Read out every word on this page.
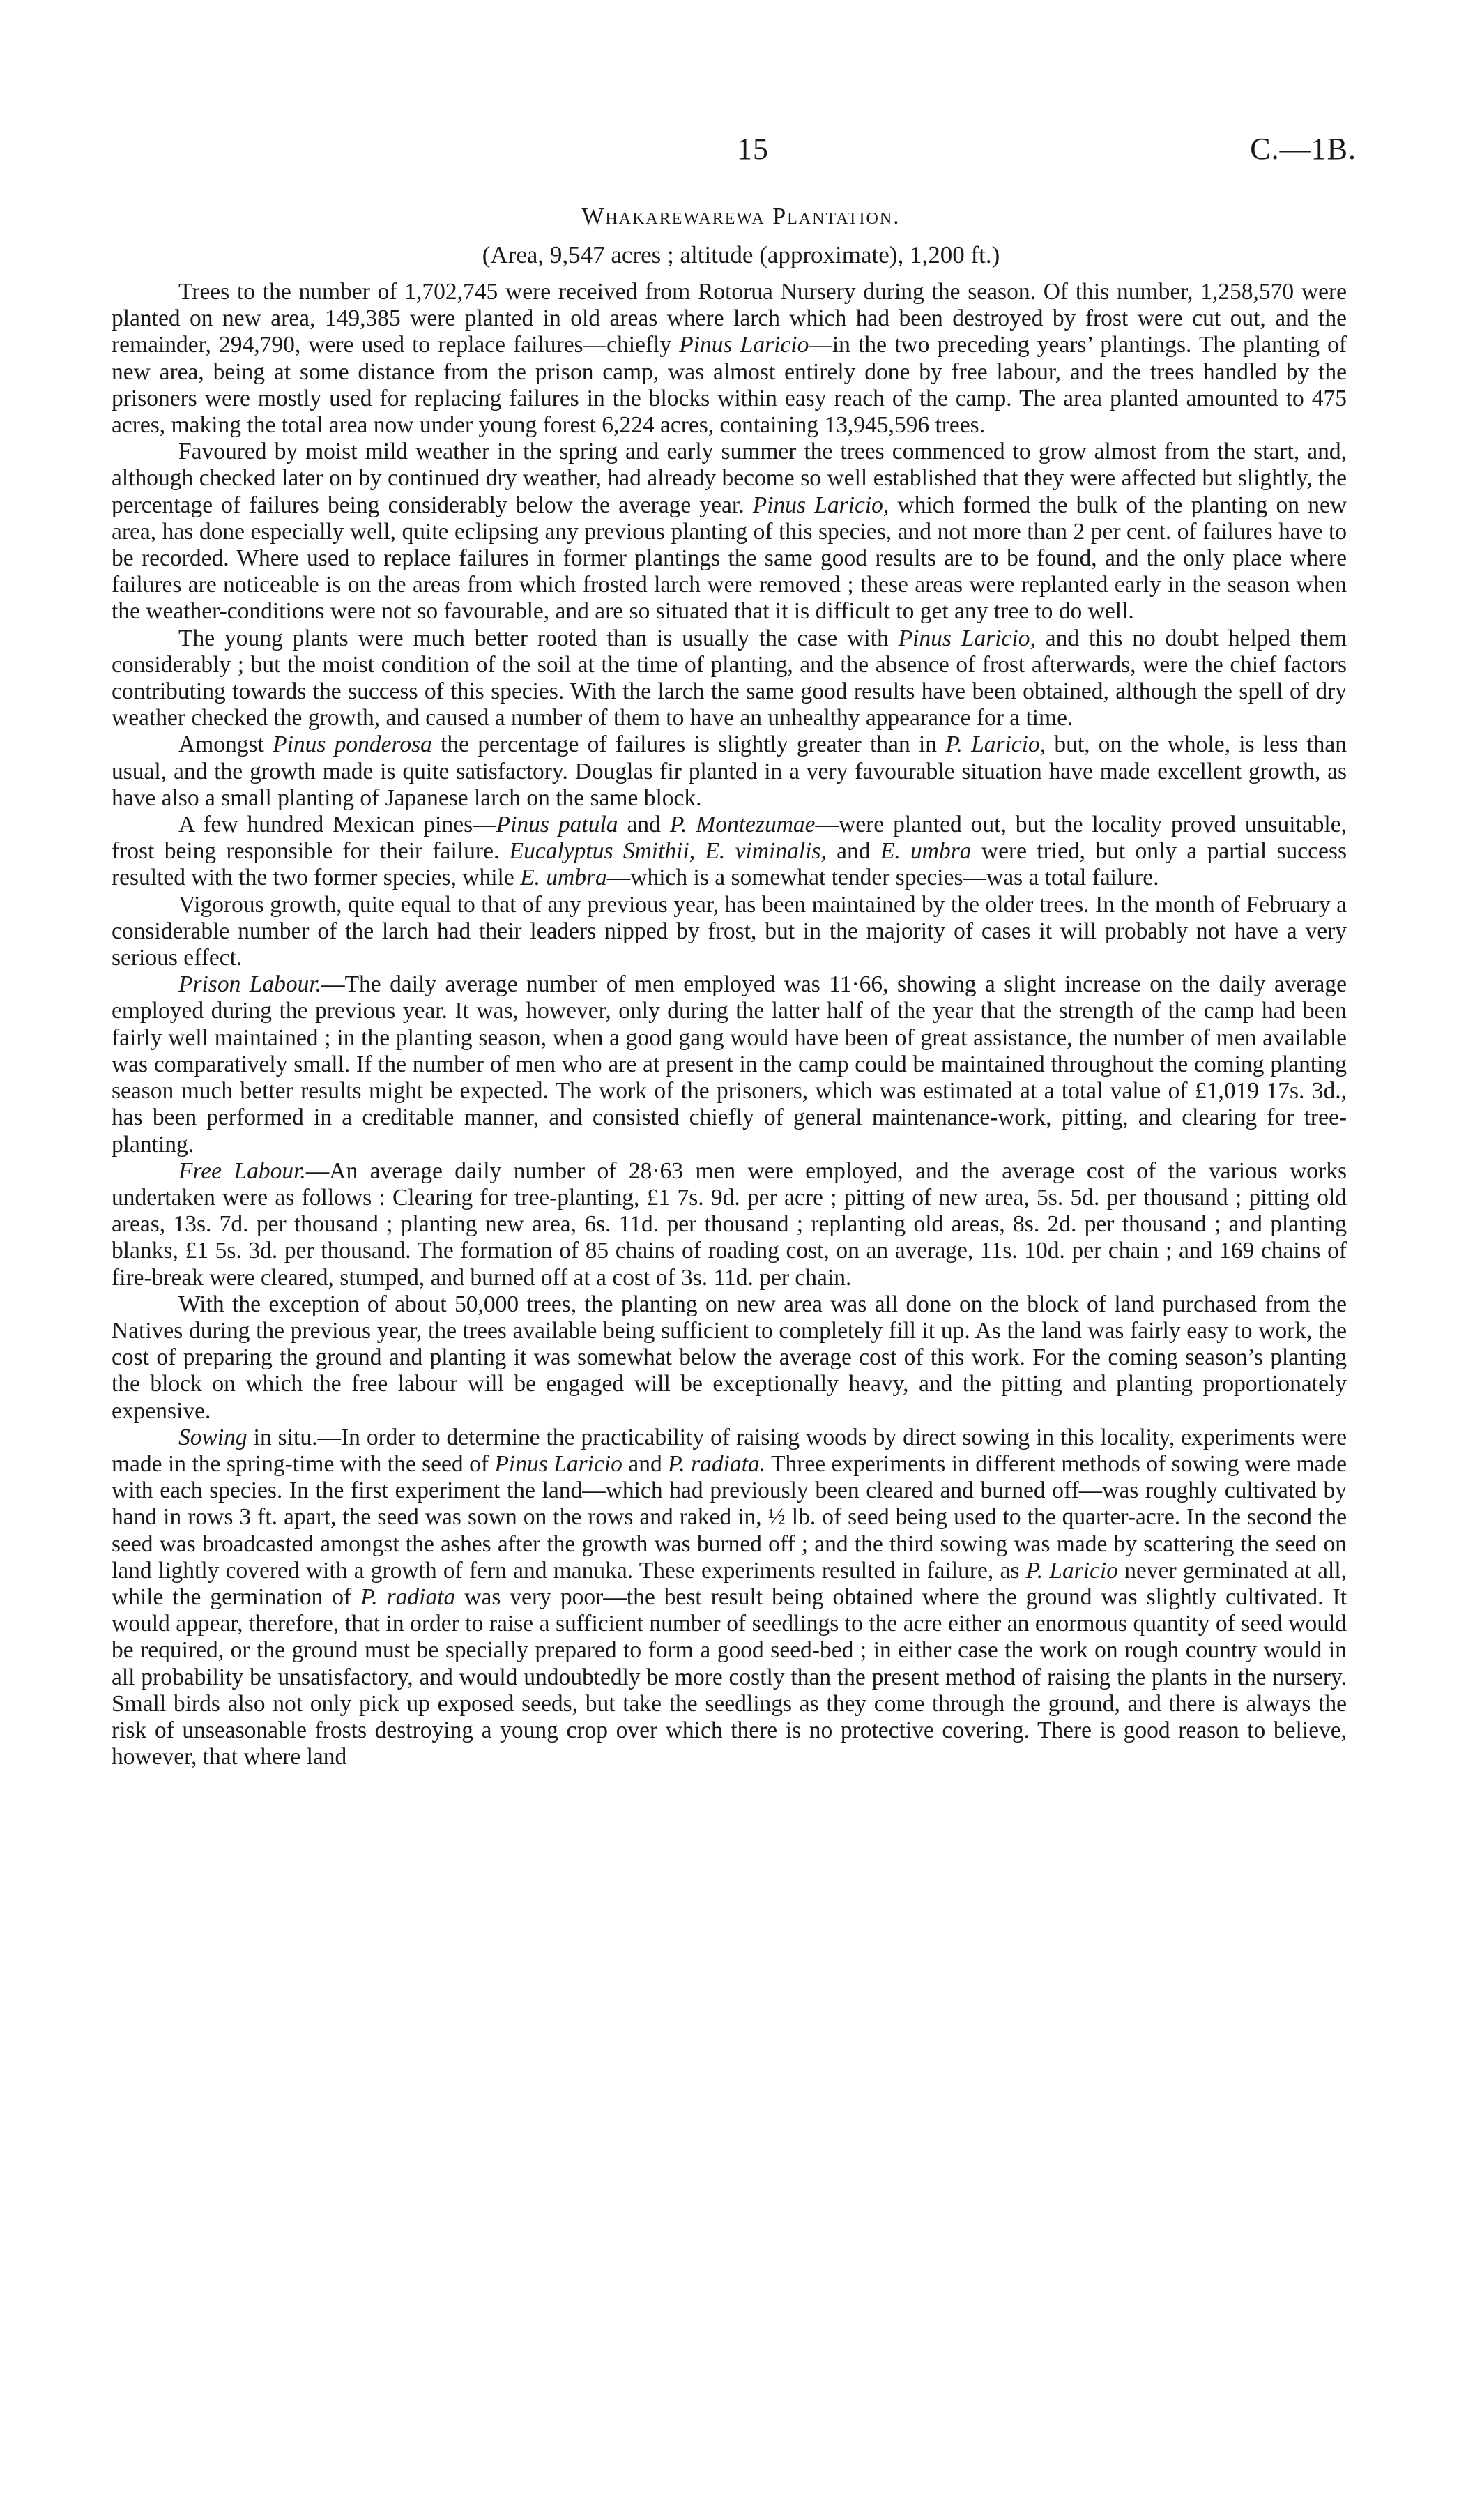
15	C.—1B.
Whakarewarewa Plantation.
(Area, 9,547 acres ; altitude (approximate), 1,200 ft.)

Trees to the number of 1,702,745 were received from Rotorua Nursery during the season. Of this number, 1,258,570 were planted on new area, 149,385 were planted in old areas where larch which had been destroyed by frost were cut out, and the remainder, 294,790, were used to replace failures—chiefly Pinus Laricio—in the two preceding years’ plantings. The planting of new area, being at some distance from the prison camp, was almost entirely done by free labour, and the trees handled by the prisoners were mostly used for replacing failures in the blocks within easy reach of the camp. The area planted amounted to 475 acres, making the total area now under young forest 6,224 acres, containing 13,945,596 trees.

Favoured by moist mild weather in the spring and early summer the trees commenced to grow almost from the start, and, although checked later on by continued dry weather, had already become so well established that they were affected but slightly, the percentage of failures being considerably below the average year. Pinus Laricio, which formed the bulk of the planting on new area, has done especially well, quite eclipsing any previous planting of this species, and not more than 2 per cent. of failures have to be recorded. Where used to replace failures in former plantings the same good results are to be found, and the only place where failures are noticeable is on the areas from which frosted larch were removed ; these areas were replanted early in the season when the weather-conditions were not so favourable, and are so situated that it is difficult to get any tree to do well.

The young plants were much better rooted than is usually the case with Pinus Laricio, and this no doubt helped them considerably ; but the moist condition of the soil at the time of planting, and the absence of frost afterwards, were the chief factors contributing towards the success of this species. With the larch the same good results have been obtained, although the spell of dry weather checked the growth, and caused a number of them to have an unhealthy appearance for a time.

Amongst Pinus ponderosa the percentage of failures is slightly greater than in P. Laricio, but, on the whole, is less than usual, and the growth made is quite satisfactory. Douglas fir planted in a very favourable situation have made excellent growth, as have also a small planting of Japanese larch on the same block.

A few hundred Mexican pines—Pinus patula and P. Montezumae—were planted out, but the locality proved unsuitable, frost being responsible for their failure. Eucalyptus Smithii, E. viminalis, and E. umbra were tried, but only a partial success resulted with the two former species, while E. umbra—which is a somewhat tender species—was a total failure.

Vigorous growth, quite equal to that of any previous year, has been maintained by the older trees. In the month of February a considerable number of the larch had their leaders nipped by frost, but in the majority of cases it will probably not have a very serious effect.

Prison Labour.—The daily average number of men employed was 11·66, showing a slight increase on the daily average employed during the previous year. It was, however, only during the latter half of the year that the strength of the camp had been fairly well maintained ; in the planting season, when a good gang would have been of great assistance, the number of men available was comparatively small. If the number of men who are at present in the camp could be maintained throughout the coming planting season much better results might be expected. The work of the prisoners, which was estimated at a total value of £1,019 17s. 3d., has been performed in a creditable manner, and consisted chiefly of general maintenance-work, pitting, and clearing for tree-planting.

Free Labour.—An average daily number of 28·63 men were employed, and the average cost of the various works undertaken were as follows : Clearing for tree-planting, £1 7s. 9d. per acre ; pitting of new area, 5s. 5d. per thousand ; pitting old areas, 13s. 7d. per thousand ; planting new area, 6s. 11d. per thousand ; replanting old areas, 8s. 2d. per thousand ; and planting blanks, £1 5s. 3d. per thousand. The formation of 85 chains of roading cost, on an average, 11s. 10d. per chain ; and 169 chains of fire-break were cleared, stumped, and burned off at a cost of 3s. 11d. per chain.

With the exception of about 50,000 trees, the planting on new area was all done on the block of land purchased from the Natives during the previous year, the trees available being sufficient to completely fill it up. As the land was fairly easy to work, the cost of preparing the ground and planting it was somewhat below the average cost of this work. For the coming season’s planting the block on which the free labour will be engaged will be exceptionally heavy, and the pitting and planting proportionately expensive.

Sowing in situ.—In order to determine the practicability of raising woods by direct sowing in this locality, experiments were made in the spring-time with the seed of Pinus Laricio and P. radiata. Three experiments in different methods of sowing were made with each species. In the first experiment the land—which had previously been cleared and burned off—was roughly cultivated by hand in rows 3 ft. apart, the seed was sown on the rows and raked in, ½ lb. of seed being used to the quarter-acre. In the second the seed was broadcasted amongst the ashes after the growth was burned off ; and the third sowing was made by scattering the seed on land lightly covered with a growth of fern and manuka. These experiments resulted in failure, as P. Laricio never germinated at all, while the germination of P. radiata was very poor—the best result being obtained where the ground was slightly cultivated. It would appear, therefore, that in order to raise a sufficient number of seedlings to the acre either an enormous quantity of seed would be required, or the ground must be specially prepared to form a good seed-bed ; in either case the work on rough country would in all probability be unsatisfactory, and would undoubtedly be more costly than the present method of raising the plants in the nursery. Small birds also not only pick up exposed seeds, but take the seedlings as they come through the ground, and there is always the risk of unseasonable frosts destroying a young crop over which there is no protective covering. There is good reason to believe, however, that where land
